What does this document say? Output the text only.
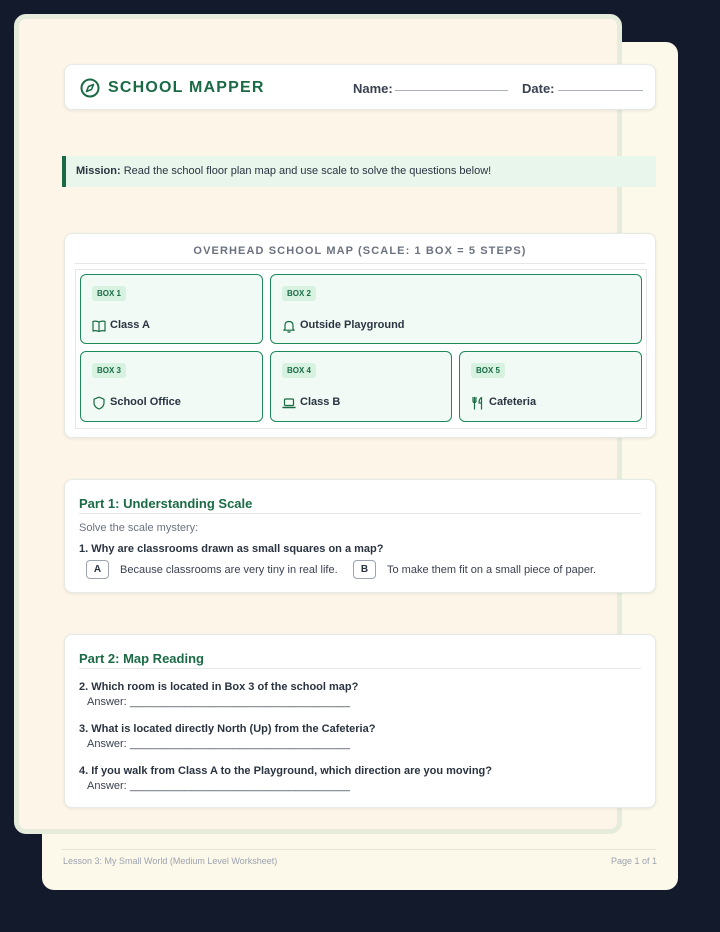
SCHOOL MAPPER	Name:	Date:
Mission: Read the school floor plan map and use scale to solve the questions below!
OVERHEAD SCHOOL MAP (SCALE: 1 BOX = 5 STEPS)
BOX 1
Class A
BOX 2
Outside Playground
BOX 3
School Office
BOX 4
Class B
BOX 5
Cafeteria
Part 1: Understanding Scale
Solve the scale mystery:
1. Why are classrooms drawn as small squares on a map?
A	Because classrooms are very tiny in real life.	B	To make them fit on a small piece of paper.
Part 2: Map Reading
2. Which room is located in Box 3 of the school map?
Answer: ____________________________________
3. What is located directly North (Up) from the Cafeteria?
Answer: ____________________________________
4. If you walk from Class A to the Playground, which direction are you moving?
Answer: ____________________________________
Lesson 3: My Small World (Medium Level Worksheet)	Page 1 of 1
